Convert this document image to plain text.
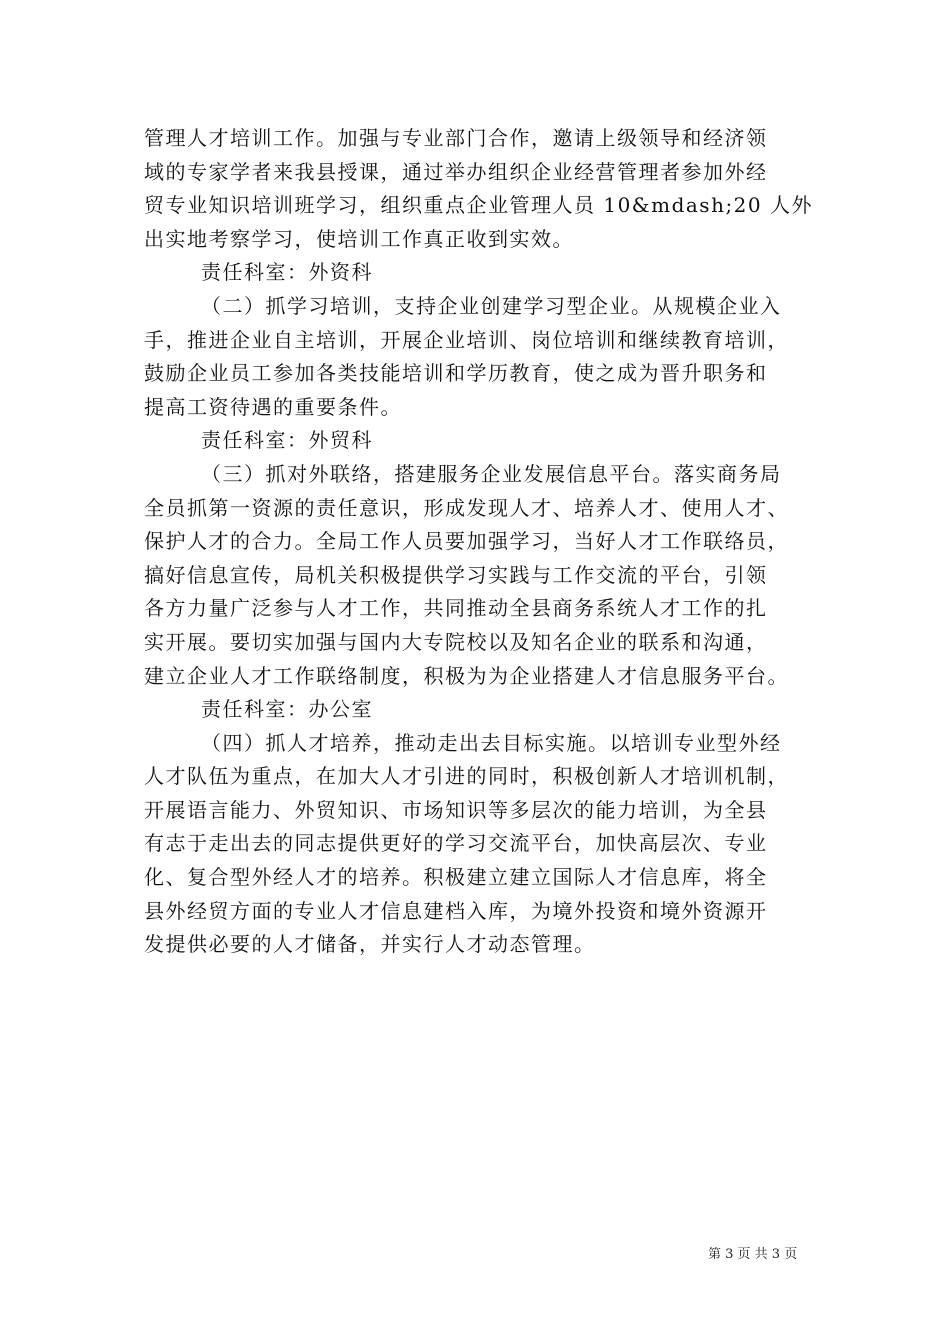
管理人才培训工作。加强与专业部门合作，邀请上级领导和经济领
域的专家学者来我县授课，通过举办组织企业经营管理者参加外经
贸专业知识培训班学习，组织重点企业管理人员 10&mdash;20 人外
出实地考察学习，使培训工作真正收到实效。
责任科室：外资科
（二）抓学习培训，支持企业创建学习型企业。从规模企业入
手，推进企业自主培训，开展企业培训、岗位培训和继续教育培训，
鼓励企业员工参加各类技能培训和学历教育，使之成为晋升职务和
提高工资待遇的重要条件。
责任科室：外贸科
（三）抓对外联络，搭建服务企业发展信息平台。落实商务局
全员抓第一资源的责任意识，形成发现人才、培养人才、使用人才、
保护人才的合力。全局工作人员要加强学习，当好人才工作联络员，
搞好信息宣传，局机关积极提供学习实践与工作交流的平台，引领
各方力量广泛参与人才工作，共同推动全县商务系统人才工作的扎
实开展。要切实加强与国内大专院校以及知名企业的联系和沟通，
建立企业人才工作联络制度，积极为为企业搭建人才信息服务平台。
责任科室：办公室
（四）抓人才培养，推动走出去目标实施。以培训专业型外经
人才队伍为重点，在加大人才引进的同时，积极创新人才培训机制，
开展语言能力、外贸知识、市场知识等多层次的能力培训，为全县
有志于走出去的同志提供更好的学习交流平台，加快高层次、专业
化、复合型外经人才的培养。积极建立建立国际人才信息库，将全
县外经贸方面的专业人才信息建档入库，为境外投资和境外资源开
发提供必要的人才储备，并实行人才动态管理。
第 3 页 共 3 页
